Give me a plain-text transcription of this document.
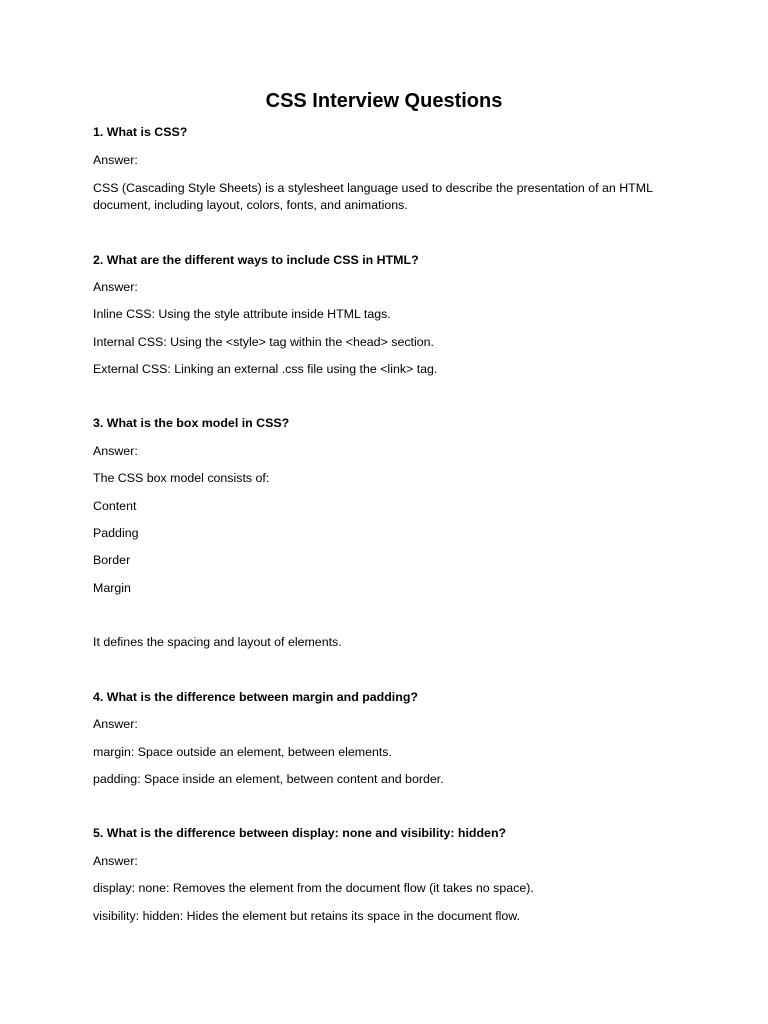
CSS Interview Questions
1. What is CSS?
Answer:
CSS (Cascading Style Sheets) is a stylesheet language used to describe the presentation of an HTML
document, including layout, colors, fonts, and animations.
2. What are the different ways to include CSS in HTML?
Answer:
Inline CSS: Using the style attribute inside HTML tags.
Internal CSS: Using the <style> tag within the <head> section.
External CSS: Linking an external .css file using the <link> tag.
3. What is the box model in CSS?
Answer:
The CSS box model consists of:
Content
Padding
Border
Margin
It defines the spacing and layout of elements.
4. What is the difference between margin and padding?
Answer:
margin: Space outside an element, between elements.
padding: Space inside an element, between content and border.
5. What is the difference between display: none and visibility: hidden?
Answer:
display: none: Removes the element from the document flow (it takes no space).
visibility: hidden: Hides the element but retains its space in the document flow.
